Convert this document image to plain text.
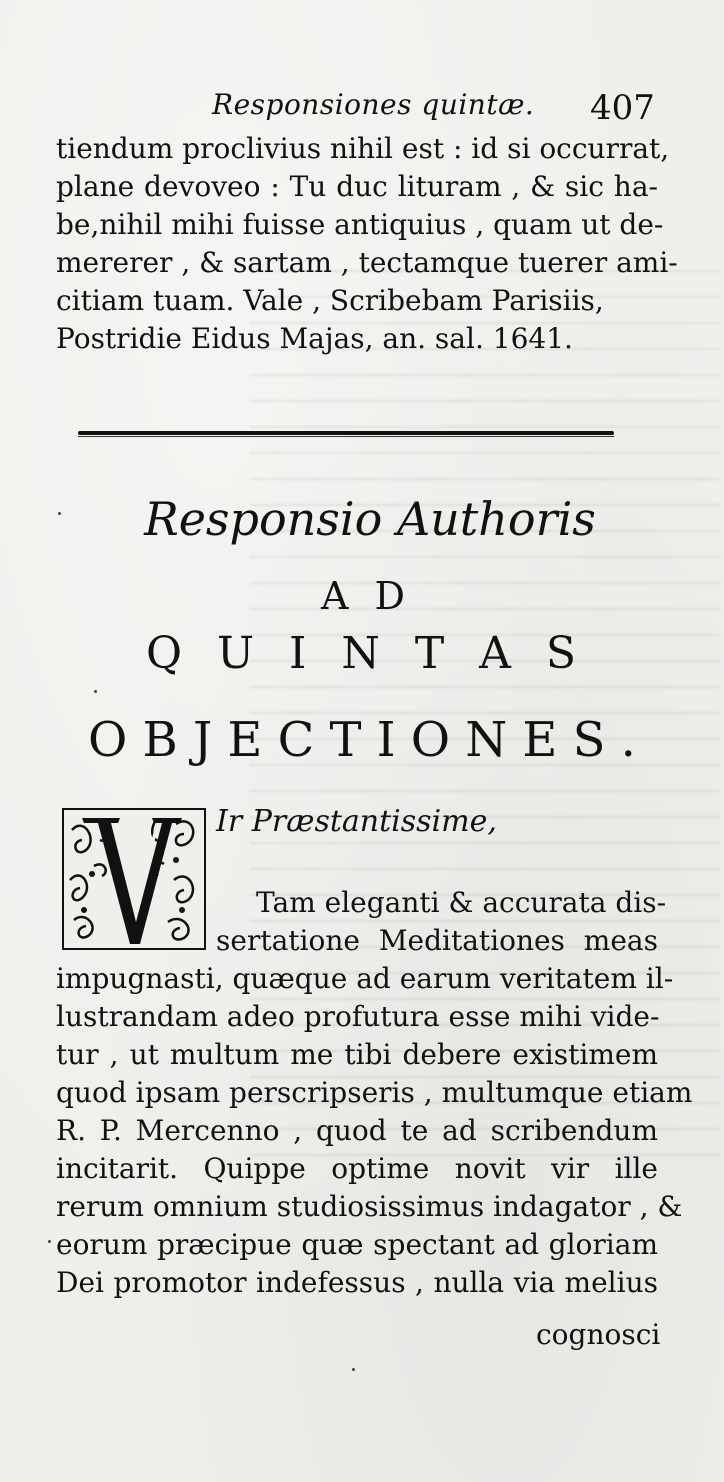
Responsiones quintæ. 407
tiendum proclivius nihil est : id si occurrat,
plane devoveo : Tu duc lituram , & sic ha-
be,nihil mihi fuisse antiquius , quam ut de-
mererer , & sartam , tectamque tuerer ami-
citiam tuam. Vale , Scribebam Parisiis,
Postridie Eidus Majas, an. sal. 1641.
Responsio Authoris
AD
Q U I N T A S
O B J E C T I O N E S .
Ir Præstantissime,
Tam eleganti & accurata dis-
sertatione Meditationes meas
impugnasti, quæque ad earum veritatem il-
lustrandam adeo profutura esse mihi vide-
tur , ut multum me tibi debere existimem
quod ipsam perscripseris , multumque etiam
R. P. Mercenno , quod te ad scribendum
incitarit. Quippe optime novit vir ille
rerum omnium studiosissimus indagator , &
eorum præcipue quæ spectant ad gloriam
Dei promotor indefessus , nulla via melius
cognosci
